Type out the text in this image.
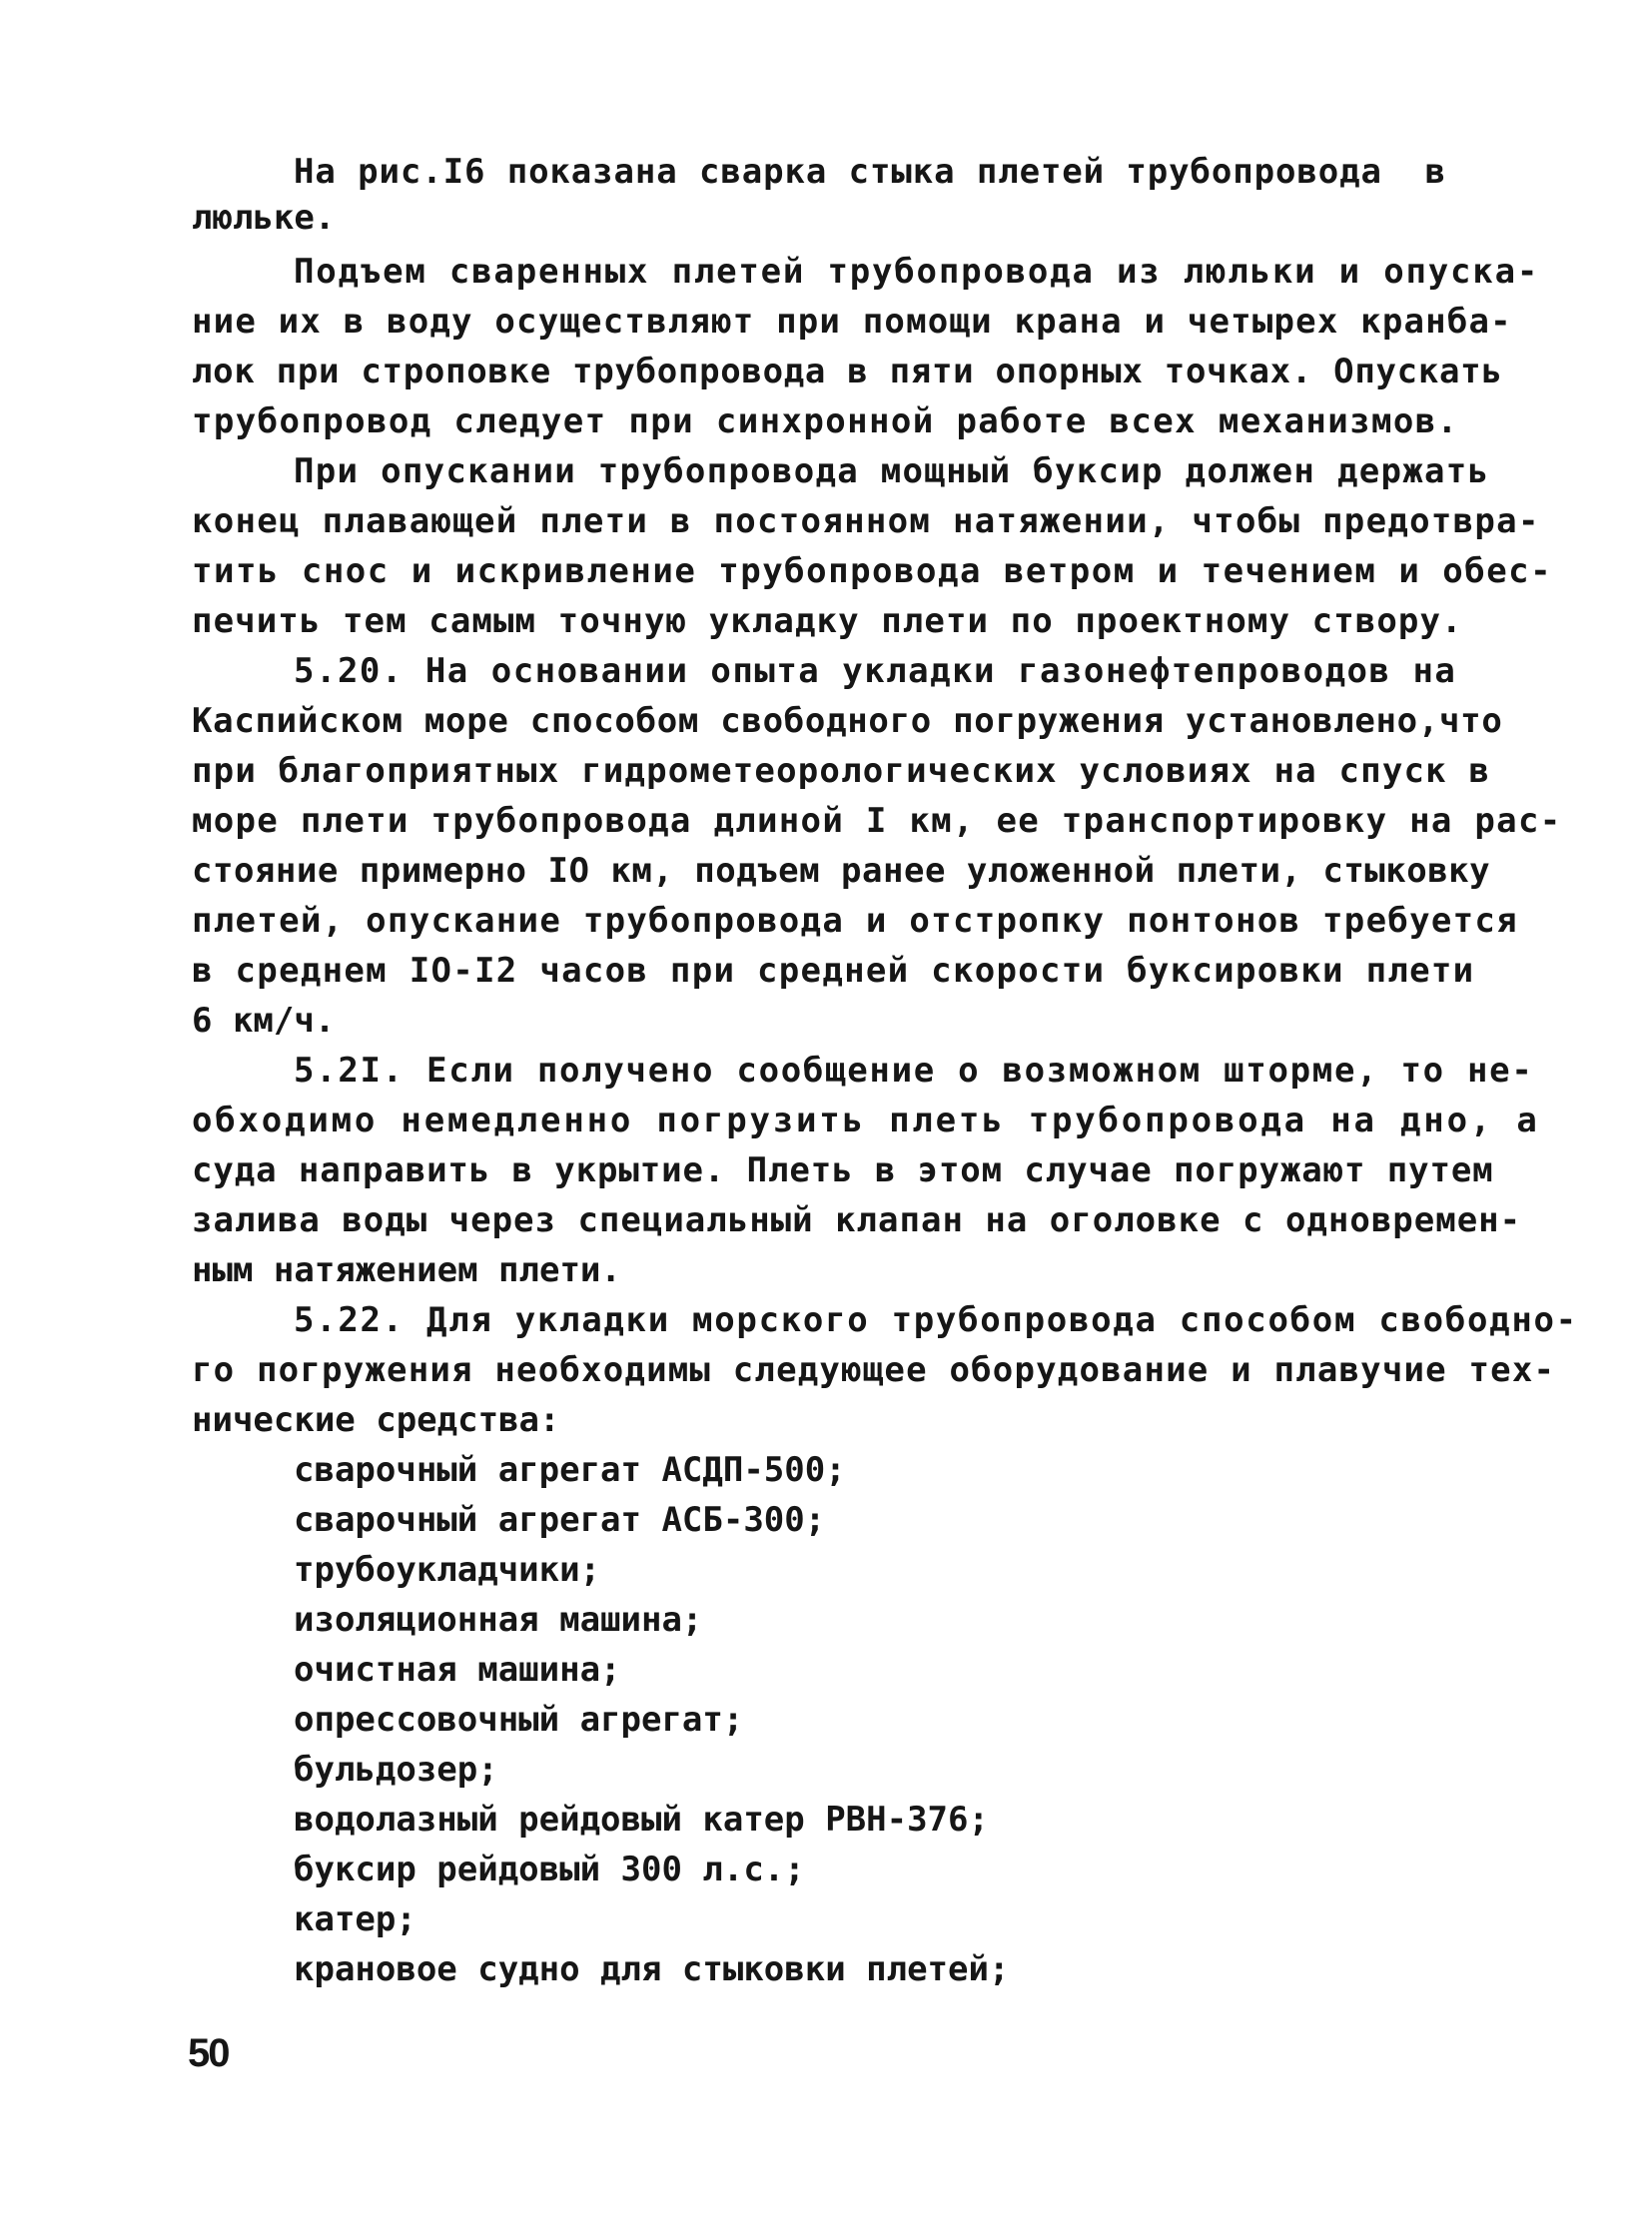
На рис.I6 показана сварка стыка плетей трубопровода  в
люльке.
Подъем сваренных плетей трубопровода из люльки и опуска-
ние их в воду осуществляют при помощи крана и четырех кранба-
лок при строповке трубопровода в пяти опорных точках. Опускать
трубопровод следует при синхронной работе всех механизмов.
При опускании трубопровода мощный буксир должен держать
конец плавающей плети в постоянном натяжении, чтобы предотвра-
тить снос и искривление трубопровода ветром и течением и обес-
печить тем самым точную укладку плети по проектному створу.
5.20. На основании опыта укладки газонефтепроводов на
Каспийском море способом свободного погружения установлено,что
при благоприятных гидрометеорологических условиях на спуск в
море плети трубопровода длиной I км, ее транспортировку на рас-
стояние примерно IO км, подъем ранее уложенной плети, стыковку
плетей, опускание трубопровода и отстропку понтонов требуется
в среднем IO-I2 часов при средней скорости буксировки плети
6 км/ч.
5.2I. Если получено сообщение о возможном шторме, то не-
обходимо немедленно погрузить плеть трубопровода на дно, а
суда направить в укрытие. Плеть в этом случае погружают путем
залива воды через специальный клапан на оголовке с одновремен-
ным натяжением плети.
5.22. Для укладки морского трубопровода способом свободно-
го погружения необходимы следующее оборудование и плавучие тех-
нические средства:
сварочный агрегат АСДП-500;
сварочный агрегат АСБ-300;
трубоукладчики;
изоляционная машина;
очистная машина;
опрессовочный агрегат;
бульдозер;
водолазный рейдовый катер РВН-376;
буксир рейдовый 300 л.с.;
катер;
крановое судно для стыковки плетей;
50
